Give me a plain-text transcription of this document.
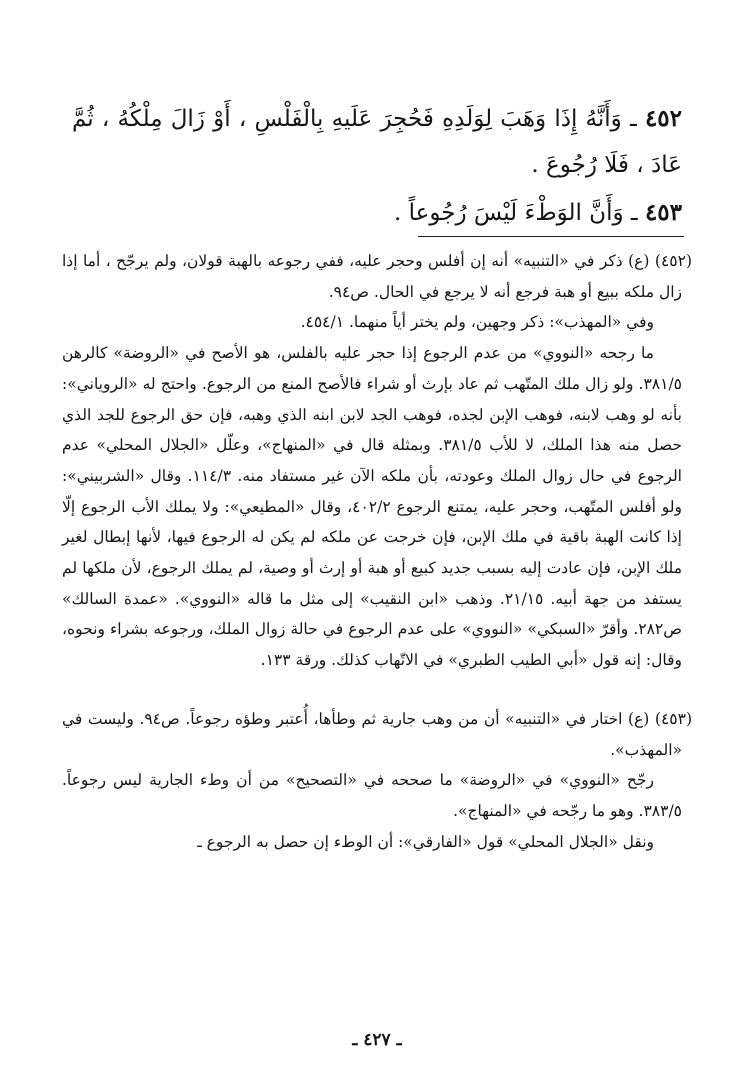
٤٥٢ ـ وَأَنَّهُ إِذَا وَهَبَ لِوَلَدِهِ فَحُجِرَ عَلَيهِ بِالْفَلْسِ ، أَوْ زَالَ مِلْكُهُ ، ثُمَّ عَادَ ، فَلَا رُجُوعَ .
٤٥٣ ـ وَأَنَّ الوَطْءَ لَيْسَ رُجُوعاً .

(٤٥٢) (ع) ذكر في «التنبيه» أنه إن أفلس وحجر عليه، ففي رجوعه بالهبة قولان، ولم يرجّح ، أما إذا زال ملكه ببيع أو هبة فرجع أنه لا يرجع في الحال. ص٩٤.

وفي «المهذب»: ذكر وجهين، ولم يختر أياً منهما. ٤٥٤/١.

ما رجحه «النووي» من عدم الرجوع إذا حجر عليه بالفلس، هو الأصح في «الروضة» كالرهن ٣٨١/٥. ولو زال ملك المتّهب ثم عاد بإرث أو شراء فالأصح المنع من الرجوع. واحتج له «الروياني»: بأنه لو وهب لابنه، فوهب الإبن لجده، فوهب الجد لابن ابنه الذي وهبه، فإن حق الرجوع للجد الذي حصل منه هذا الملك، لا للأب ٣٨١/٥. وبمثله قال في «المنهاج»، وعلّل «الجلال المحلي» عدم الرجوع في حال زوال الملك وعودته، بأن ملكه الآن غير مستفاد منه. ١١٤/٣. وقال «الشربيني»: ولو أفلس المتّهب، وحجر عليه، يمتنع الرجوع ٤٠٢/٢، وقال «المطيعي»: ولا يملك الأب الرجوع إلّا إذا كانت الهبة باقية في ملك الإبن، فإن خرجت عن ملكه لم يكن له الرجوع فيها، لأنها إبطال لغير ملك الإبن، فإن عادت إليه بسبب جديد كبيع أو هبة أو إرث أو وصية، لم يملك الرجوع، لأن ملكها لم يستفد من جهة أبيه. ٢١/١٥. وذهب «ابن النقيب» إلى مثل ما قاله «النووي». «عمدة السالك» ص٢٨٢. وأقرّ «السبكي» «النووي» على عدم الرجوع في حالة زوال الملك، ورجوعه بشراء ونحوه، وقال: إنه قول «أبي الطيب الطبري» في الاتّهاب كذلك. ورقة ١٣٣.

(٤٥٣) (ع) اختار في «التنبيه» أن من وهب جارية ثم وطأها، أُعتبر وطؤه رجوعاً. ص٩٤. وليست في «المهذب».

رجّح «النووي» في «الروضة» ما صححه في «التصحيح» من أن وطء الجارية ليس رجوعاً. ٣٨٣/٥. وهو ما رجّحه في «المنهاج».

ونقل «الجلال المحلي» قول «الفارقي»: أن الوطء إن حصل به الرجوع ـ

ـ ٤٢٧ ـ
